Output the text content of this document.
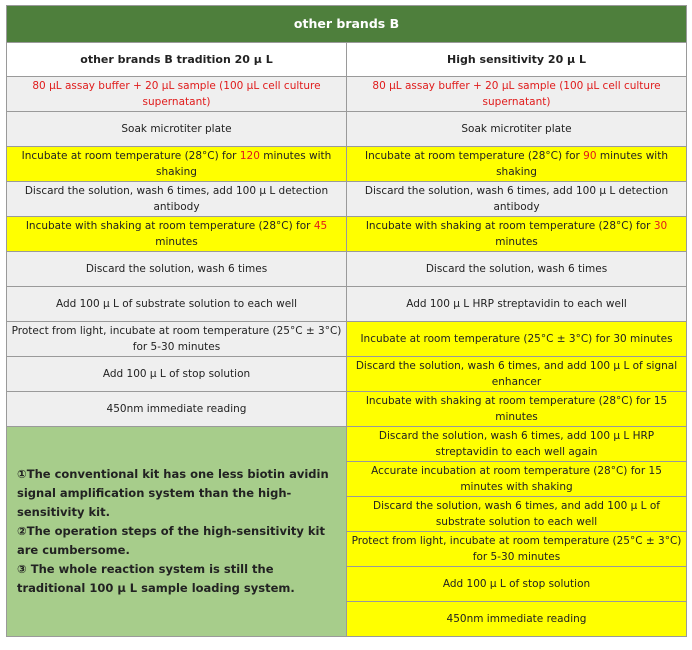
other brands B	
other brands B tradition 20 μ L	High sensitivity 20 μ L
80 μL assay buffer + 20 μL sample (100 μL cell culture supernatant)	80 μL assay buffer + 20 μL sample (100 μL cell culture supernatant)
Soak microtiter plate	Soak microtiter plate
Incubate at room temperature (28°C) for 120 minutes with shaking	Incubate at room temperature (28°C) for 90 minutes with shaking
Discard the solution, wash 6 times, add 100 μ L detection antibody	Discard the solution, wash 6 times, add 100 μ L detection antibody
Incubate with shaking at room temperature (28°C) for 45 minutes	Incubate with shaking at room temperature (28°C) for 30 minutes
Discard the solution, wash 6 times	Discard the solution, wash 6 times
Add 100 μ L of substrate solution to each well	Add 100 μ L HRP streptavidin to each well
Protect from light, incubate at room temperature (25°C ± 3°C) for 5-30 minutes	Incubate at room temperature (25°C ± 3°C) for 30 minutes
Add 100 μ L of stop solution	Discard the solution, wash 6 times, and add 100 μ L of signal enhancer
450nm immediate reading	Incubate with shaking at room temperature (28°C) for 15 minutes

①The conventional kit has one less biotin avidin signal amplification system than the high-sensitivity kit.
②The operation steps of the high-sensitivity kit are cumbersome.
③ The whole reaction system is still the traditional 100 μ L sample loading system.	Discard the solution, wash 6 times, add 100 μ L HRP streptavidin to each well again
	Accurate incubation at room temperature (28°C) for 15 minutes with shaking
	Discard the solution, wash 6 times, and add 100 μ L of substrate solution to each well
	Protect from light, incubate at room temperature (25°C ± 3°C) for 5-30 minutes
	Add 100 μ L of stop solution
	450nm immediate reading
